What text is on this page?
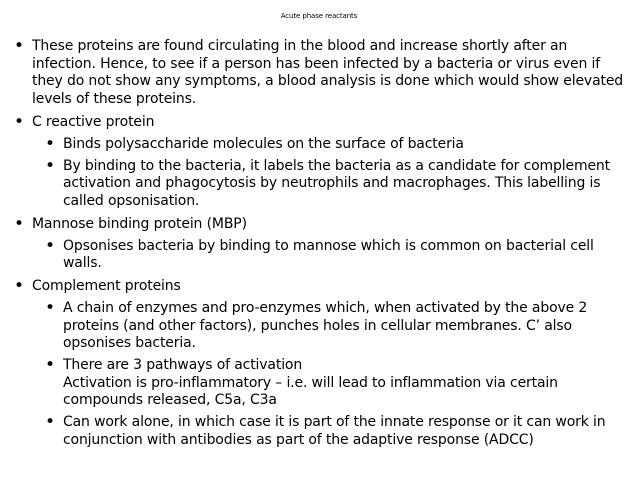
Acute phase reactants
• These proteins are found circulating in the blood and increase shortly after an
infection. Hence, to see if a person has been infected by a bacteria or virus even if
they do not show any symptoms, a blood analysis is done which would show elevated
levels of these proteins.
• C reactive protein
• Binds polysaccharide molecules on the surface of bacteria
• By binding to the bacteria, it labels the bacteria as a candidate for complement
activation and phagocytosis by neutrophils and macrophages. This labelling is
called opsonisation.
• Mannose binding protein (MBP)
• Opsonises bacteria by binding to mannose which is common on bacterial cell
walls.
• Complement proteins
• A chain of enzymes and pro-enzymes which, when activated by the above 2
proteins (and other factors), punches holes in cellular membranes. C’ also
opsonises bacteria.
• There are 3 pathways of activation
Activation is pro-inflammatory – i.e. will lead to inflammation via certain
compounds released, C5a, C3a
• Can work alone, in which case it is part of the innate response or it can work in
conjunction with antibodies as part of the adaptive response (ADCC)
